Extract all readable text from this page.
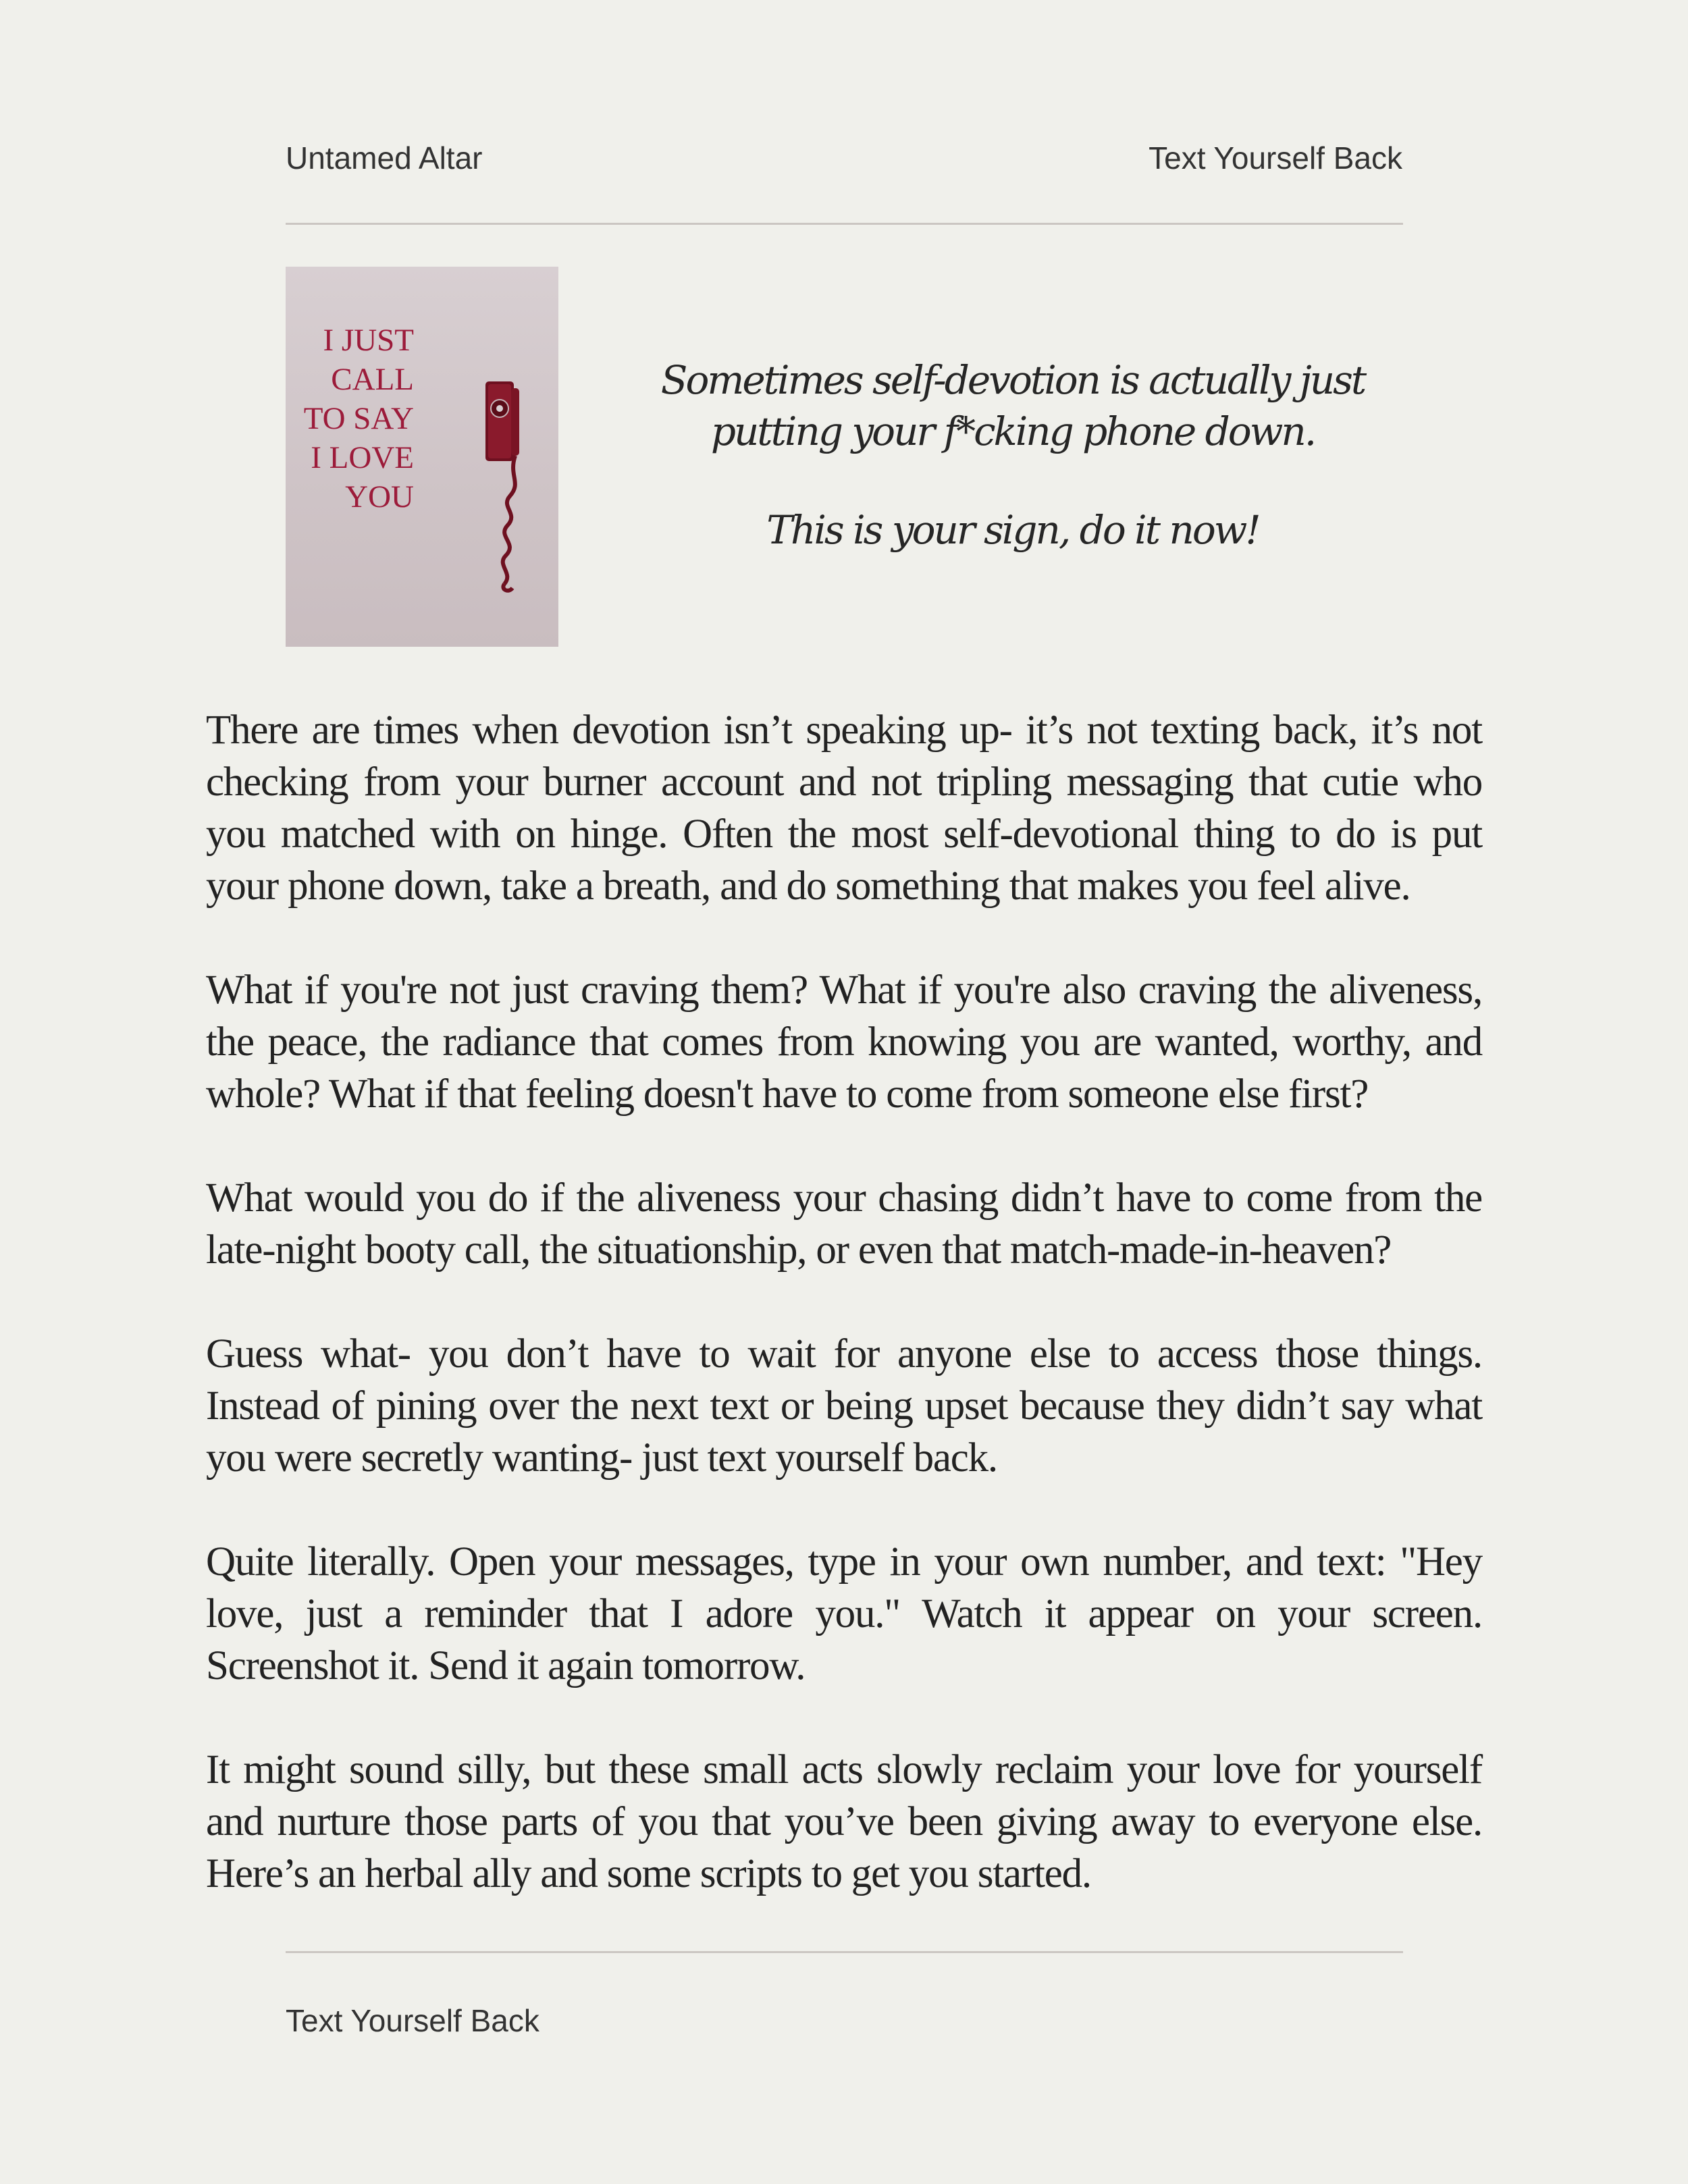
Untamed Altar	Text Yourself Back
I JUST
CALL
TO SAY
I LOVE
YOU

Sometimes self-devotion is actually just putting your f*cking phone down.

This is your sign, do it now!

There are times when devotion isn’t speaking up- it’s not texting back, it’s not checking from your burner account and not tripling messaging that cutie who you matched with on hinge. Often the most self-devotional thing to do is put your phone down, take a breath, and do something that makes you feel alive.

What if you're not just craving them? What if you're also craving the aliveness, the peace, the radiance that comes from knowing you are wanted, worthy, and whole? What if that feeling doesn't have to come from someone else first?

What would you do if the aliveness your chasing didn’t have to come from the late-night booty call, the situationship, or even that match-made-in-heaven?

Guess what- you don’t have to wait for anyone else to access those things. Instead of pining over the next text or being upset because they didn’t say what you were secretly wanting- just text yourself back.

Quite literally. Open your messages, type in your own number, and text: "Hey love, just a reminder that I adore you." Watch it appear on your screen. Screenshot it. Send it again tomorrow.

It might sound silly, but these small acts slowly reclaim your love for yourself and nurture those parts of you that you’ve been giving away to everyone else. Here’s an herbal ally and some scripts to get you started.

Text Yourself Back
